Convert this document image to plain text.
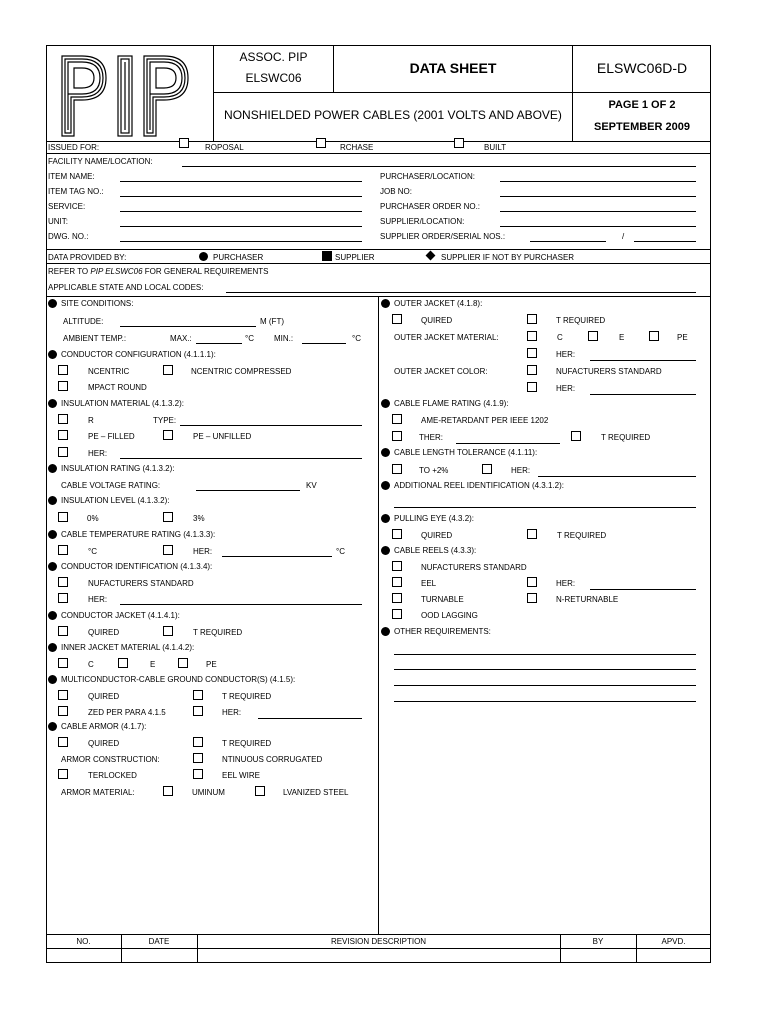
ASSOC. PIP
ELSWC06
DATA SHEET	ELSWC06D-D
NONSHIELDED POWER CABLES (2001 VOLTS AND ABOVE)
PAGE 1 OF 2
SEPTEMBER 2009
ISSUED FOR:	ROPOSAL	RCHASE	BUILT
FACILITY NAME/LOCATION:
ITEM NAME:
ITEM TAG NO.:
SERVICE:
UNIT:
DWG. NO.:
PURCHASER/LOCATION:
JOB NO:
PURCHASER ORDER NO.:
SUPPLIER/LOCATION:
SUPPLIER ORDER/SERIAL NOS.:	/
DATA PROVIDED BY:	PURCHASER	SUPPLIER	SUPPLIER IF NOT BY PURCHASER
REFER TO PIP ELSWC06 FOR GENERAL REQUIREMENTS
APPLICABLE STATE AND LOCAL CODES:
SITE CONDITIONS:
ALTITUDE:	M (FT)
AMBIENT TEMP.:	MAX.:	°C	MIN.:	°C
CONDUCTOR CONFIGURATION (4.1.1.1):
NCENTRIC	NCENTRIC COMPRESSED
MPACT ROUND
INSULATION MATERIAL (4.1.3.2):
R	TYPE:
PE – FILLED	PE – UNFILLED
HER:
INSULATION RATING (4.1.3.2):
CABLE VOLTAGE RATING:	KV
INSULATION LEVEL (4.1.3.2):
0%	3%
CABLE TEMPERATURE RATING (4.1.3.3):
°C	HER:	°C
CONDUCTOR IDENTIFICATION (4.1.3.4):
NUFACTURERS STANDARD
HER:
CONDUCTOR JACKET (4.1.4.1):
QUIRED	T REQUIRED
INNER JACKET MATERIAL (4.1.4.2):
C	E	PE
MULTICONDUCTOR-CABLE GROUND CONDUCTOR(S) (4.1.5):
QUIRED	T REQUIRED
ZED PER PARA 4.1.5	HER:
CABLE ARMOR (4.1.7):
QUIRED	T REQUIRED
ARMOR CONSTRUCTION:	NTINUOUS CORRUGATED
TERLOCKED	EEL WIRE
ARMOR MATERIAL:	UMINUM	LVANIZED STEEL
OUTER JACKET (4.1.8):
QUIRED	T REQUIRED
OUTER JACKET MATERIAL:	C	E	PE
HER:
OUTER JACKET COLOR:	NUFACTURERS STANDARD
HER:
CABLE FLAME RATING (4.1.9):
AME-RETARDANT PER IEEE 1202
THER:	T REQUIRED
CABLE LENGTH TOLERANCE (4.1.11):
TO +2%	HER:
ADDITIONAL REEL IDENTIFICATION (4.3.1.2):
PULLING EYE (4.3.2):
QUIRED	T REQUIRED
CABLE REELS (4.3.3):
NUFACTURERS STANDARD
EEL	HER:
TURNABLE	N-RETURNABLE
OOD LAGGING
OTHER REQUIREMENTS:
NO.	DATE	REVISION DESCRIPTION	BY	APVD.
